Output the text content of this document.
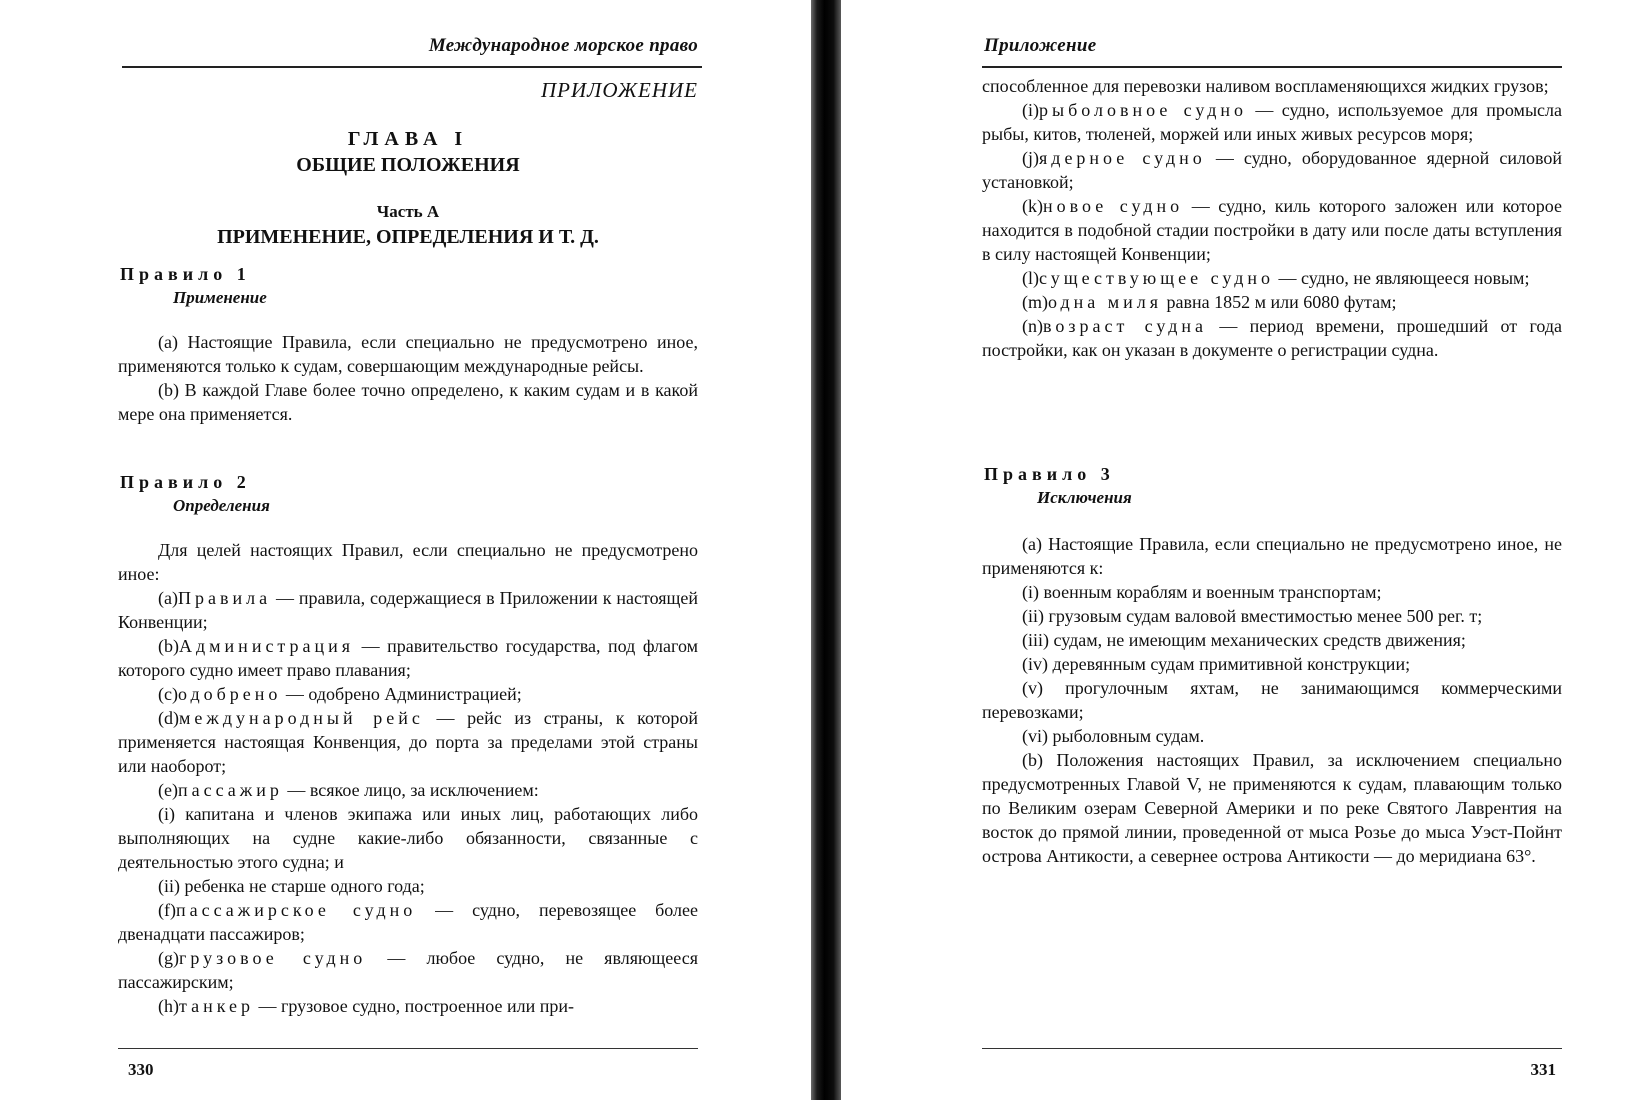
Международное морское право
ПРИЛОЖЕНИЕ
ГЛАВА I
ОБЩИЕ ПОЛОЖЕНИЯ
Часть А
ПРИМЕНЕНИЕ, ОПРЕДЕЛЕНИЯ И Т. Д.
Правило 1
Применение

(а) Настоящие Правила, если специально не предусмотрено иное, применяются только к судам, совершающим международные рейсы.

(b) В каждой Главе более точно определено, к каким судам и в какой мере она применяется.

Правило 2
Определения

Для целей настоящих Правил, если специально не предусмотрено иное:

(а)Правила — правила, содержащиеся в Приложении к настоящей Конвенции;

(b)Администрация — правительство государства, под флагом которого судно имеет право плавания;

(с)одобрено — одобрено Администрацией;

(d)международный рейс — рейс из страны, к которой применяется настоящая Конвенция, до порта за пределами этой страны или наоборот;

(е)пассажир — всякое лицо, за исключением:

(i) капитана и членов экипажа или иных лиц, работающих либо выполняющих на судне какие-либо обязанности, связанные с деятельностью этого судна; и

(ii) ребенка не старше одного года;

(f)пассажирское судно — судно, перевозящее более двенадцати пассажиров;

(g)грузовое судно — любое судно, не являющееся пассажирским;

(h)танкер — грузовое судно, построенное или при-

330
Приложение

способленное для перевозки наливом воспламеняющихся жидких грузов;

(i)рыболовное судно — судно, используемое для промысла рыбы, китов, тюленей, моржей или иных живых ресурсов моря;

(j)ядерное судно — судно, оборудованное ядерной силовой установкой;

(k)новое судно — судно, киль которого заложен или которое находится в подобной стадии постройки в дату или после даты вступления в силу настоящей Конвенции;

(l)существующее судно — судно, не являющееся новым;

(m)одна миля равна 1852 м или 6080 футам;

(n)возраст судна — период времени, прошедший от года постройки, как он указан в документе о регистрации судна.

Правило 3
Исключения

(а) Настоящие Правила, если специально не предусмотрено иное, не применяются к:

(i) военным кораблям и военным транспортам;

(ii) грузовым судам валовой вместимостью менее 500 рег. т;

(iii) судам, не имеющим механических средств движения;

(iv) деревянным судам примитивной конструкции;

(v) прогулочным яхтам, не занимающимся коммерческими перевозками;

(vi) рыболовным судам.

(b) Положения настоящих Правил, за исключением специально предусмотренных Главой V, не применяются к судам, плавающим только по Великим озерам Северной Америки и по реке Святого Лаврентия на восток до прямой линии, проведенной от мыса Розье до мыса Уэст-Пойнт острова Антикости, а севернее острова Антикости — до меридиана 63°.

331
